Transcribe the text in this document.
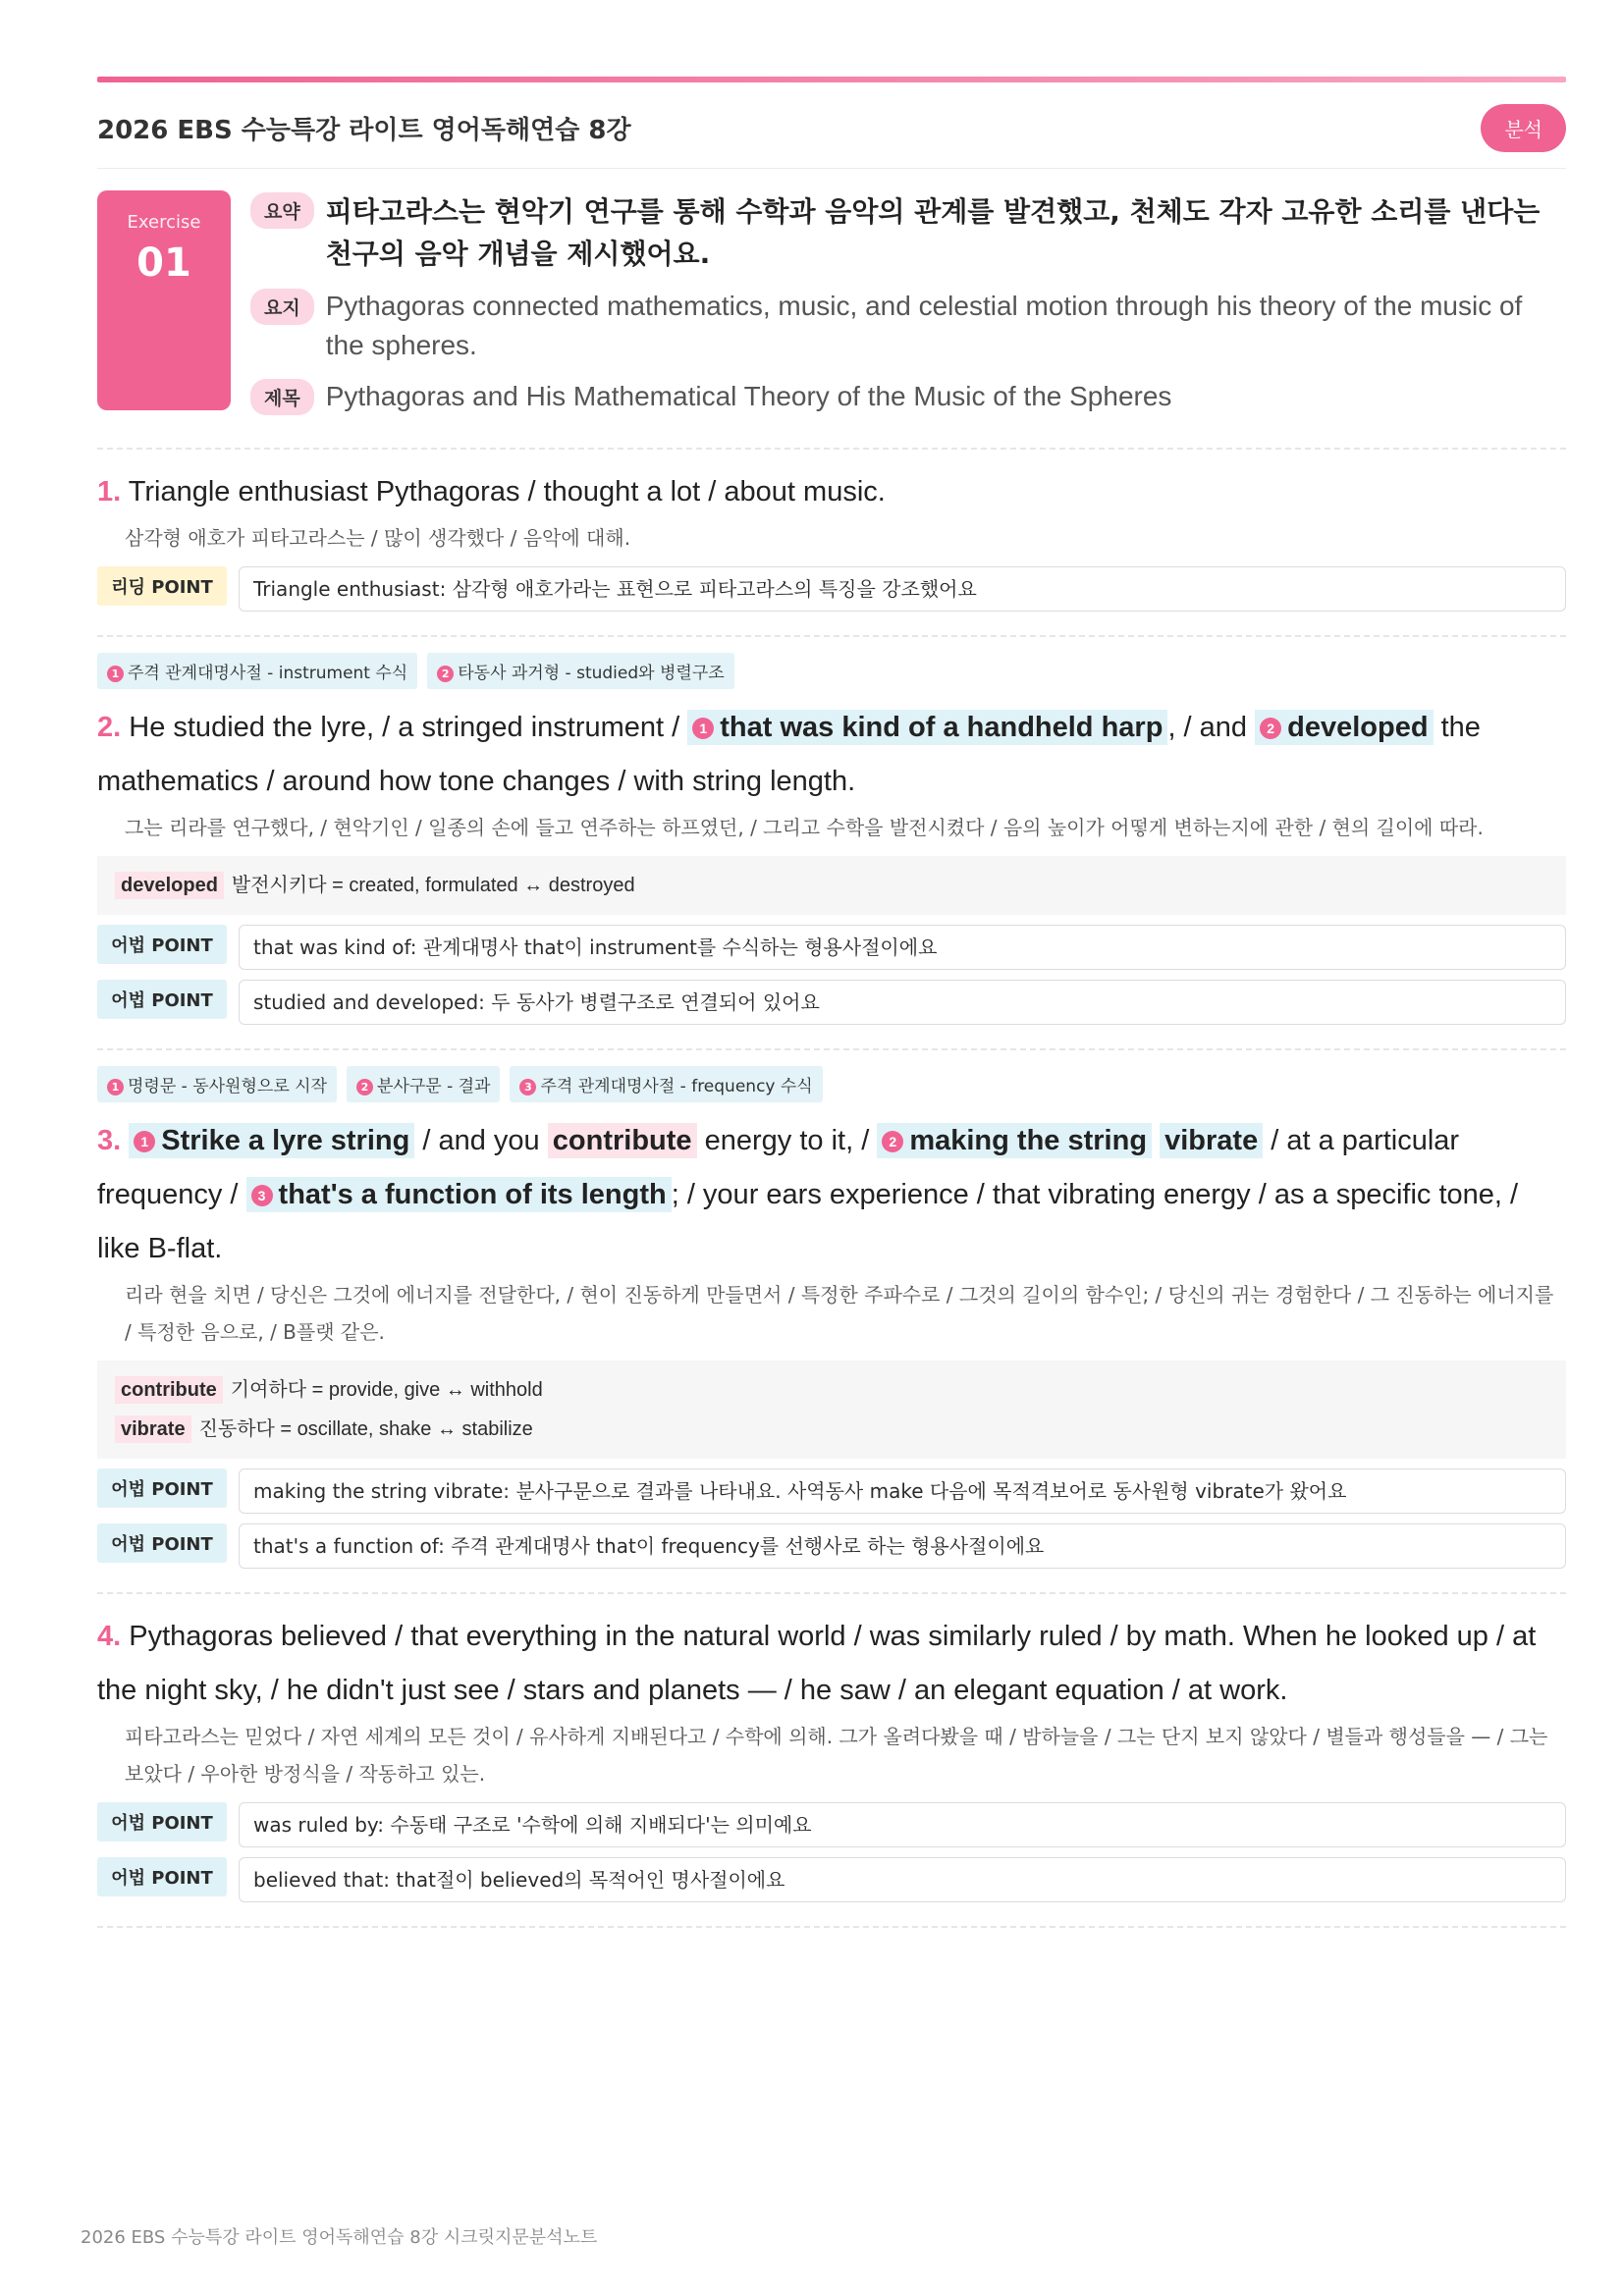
2026 EBS 수능특강 라이트 영어독해연습 8강	분석
Exercise
01
요약 피타고라스는 현악기 연구를 통해 수학과 음악의 관계를 발견했고, 천체도 각자 고유한 소리를 낸다는 천구의 음악 개념을 제시했어요.
요지 Pythagoras connected mathematics, music, and celestial motion through his theory of the music of the spheres.
제목 Pythagoras and His Mathematical Theory of the Music of the Spheres
1. Triangle enthusiast Pythagoras / thought a lot / about music.
삼각형 애호가 피타고라스는 / 많이 생각했다 / 음악에 대해.
리딩 POINT	Triangle enthusiast: 삼각형 애호가라는 표현으로 피타고라스의 특징을 강조했어요
1 주격 관계대명사절 - instrument 수식	2 타동사 과거형 - studied와 병렬구조
2. He studied the lyre, / a stringed instrument / 1 that was kind of a handheld harp , / and 2 developed the mathematics / around how tone changes / with string length.
그는 리라를 연구했다, / 현악기인 / 일종의 손에 들고 연주하는 하프였던, / 그리고 수학을 발전시켰다 / 음의 높이가 어떻게 변하는지에 관한 / 현의 길이에 따라.
developed 발전시키다 = created, formulated ↔ destroyed
어법 POINT	that was kind of: 관계대명사 that이 instrument를 수식하는 형용사절이에요
어법 POINT	studied and developed: 두 동사가 병렬구조로 연결되어 있어요
1 명령문 - 동사원형으로 시작	2 분사구문 - 결과	3 주격 관계대명사절 - frequency 수식
3. 1 Strike a lyre string / and you contribute energy to it, / 2 making the string vibrate / at a particular frequency / 3 that's a function of its length ; / your ears experience / that vibrating energy / as a specific tone, / like B-flat.
리라 현을 치면 / 당신은 그것에 에너지를 전달한다, / 현이 진동하게 만들면서 / 특정한 주파수로 / 그것의 길이의 함수인; / 당신의 귀는 경험한다 / 그 진동하는 에너지를 / 특정한 음으로, / B플랫 같은.
contribute 기여하다 = provide, give ↔ withhold
vibrate 진동하다 = oscillate, shake ↔ stabilize
어법 POINT	making the string vibrate: 분사구문으로 결과를 나타내요. 사역동사 make 다음에 목적격보어로 동사원형 vibrate가 왔어요
어법 POINT	that's a function of: 주격 관계대명사 that이 frequency를 선행사로 하는 형용사절이에요
4. Pythagoras believed / that everything in the natural world / was similarly ruled / by math. When he looked up / at the night sky, / he didn't just see / stars and planets — / he saw / an elegant equation / at work.
피타고라스는 믿었다 / 자연 세계의 모든 것이 / 유사하게 지배된다고 / 수학에 의해. 그가 올려다봤을 때 / 밤하늘을 / 그는 단지 보지 않았다 / 별들과 행성들을 — / 그는 보았다 / 우아한 방정식을 / 작동하고 있는.
어법 POINT	was ruled by: 수동태 구조로 '수학에 의해 지배되다'는 의미예요
어법 POINT	believed that: that절이 believed의 목적어인 명사절이에요
2026 EBS 수능특강 라이트 영어독해연습 8강 시크릿지문분석노트
